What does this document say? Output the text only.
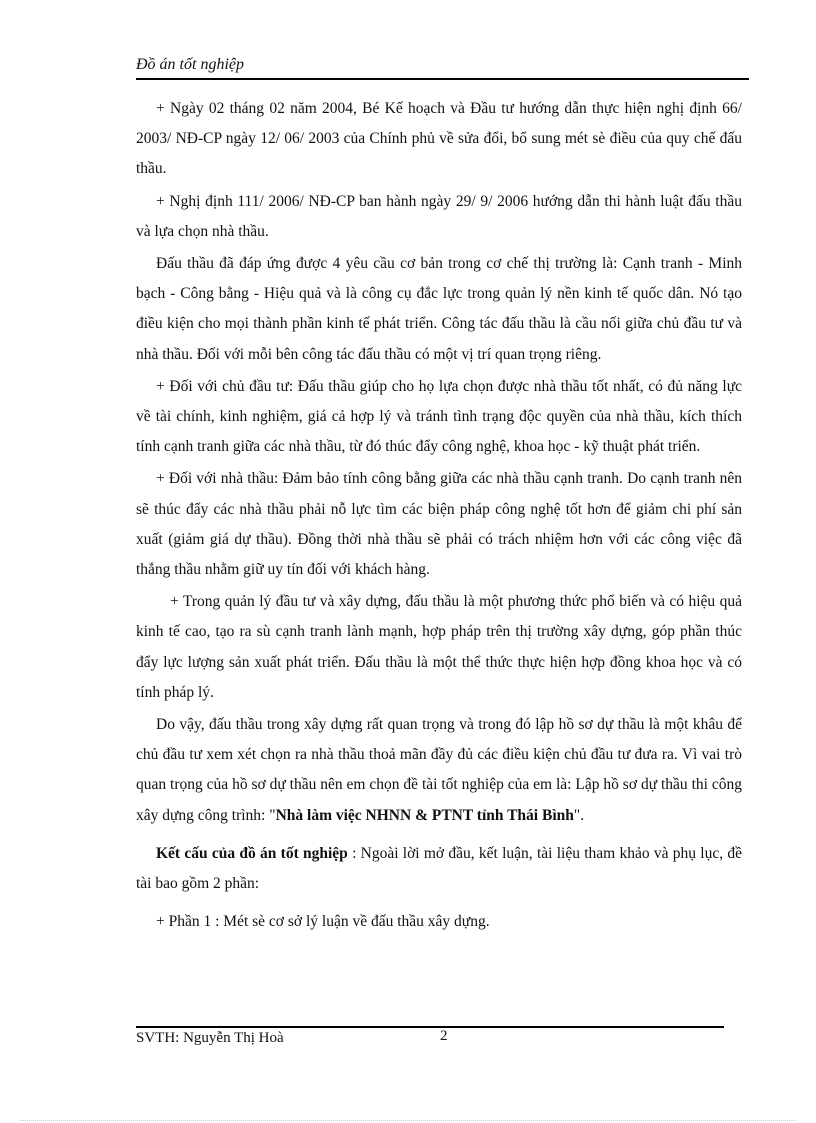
Đồ án tốt nghiệp

+ Ngày 02 tháng 02 năm 2004, Bé Kế hoạch và Đầu tư hướng dẫn thực hiện nghị định 66/ 2003/ NĐ-CP ngày 12/ 06/ 2003 của Chính phủ về sửa đổi, bổ sung mét sè điều của quy chế đấu thầu.

+ Nghị định 111/ 2006/ NĐ-CP ban hành ngày 29/ 9/ 2006 hướng dẫn thi hành luật đấu thầu và lựa chọn nhà thầu.

Đấu thầu đã đáp ứng được 4 yêu cầu cơ bản trong cơ chế thị trường là: Cạnh tranh - Minh bạch - Công bằng - Hiệu quả và là công cụ đắc lực trong quản lý nền kinh tế quốc dân. Nó tạo điều kiện cho mọi thành phần kinh tế phát triển. Công tác đấu thầu là cầu nối giữa chủ đầu tư và nhà thầu. Đối với mỗi bên công tác đấu thầu có một vị trí quan trọng riêng.

+ Đối với chủ đầu tư: Đấu thầu giúp cho họ lựa chọn được nhà thầu tốt nhất, có đủ năng lực về tài chính, kinh nghiệm, giá cả hợp lý và tránh tình trạng độc quyền của nhà thầu, kích thích tính cạnh tranh giữa các nhà thầu, từ đó thúc đẩy công nghệ, khoa học - kỹ thuật phát triển.

+ Đối với nhà thầu: Đảm bảo tính công bằng giữa các nhà thầu cạnh tranh. Do cạnh tranh nên sẽ thúc đẩy các nhà thầu phải nỗ lực tìm các biện pháp công nghệ tốt hơn để giảm chi phí sản xuất (giảm giá dự thầu). Đồng thời nhà thầu sẽ phải có trách nhiệm hơn với các công việc đã thắng thầu nhằm giữ uy tín đối với khách hàng.

+ Trong quản lý đầu tư và xây dựng, đấu thầu là một phương thức phổ biến và có hiệu quả kinh tế cao, tạo ra sù cạnh tranh lành mạnh, hợp pháp trên thị trường xây dựng, góp phần thúc đẩy lực lượng sản xuất phát triển. Đấu thầu là một thể thức thực hiện hợp đồng khoa học và có tính pháp lý.

Do vậy, đấu thầu trong xây dựng rất quan trọng và trong đó lập hồ sơ dự thầu là một khâu để chủ đầu tư xem xét chọn ra nhà thầu thoả mãn đầy đủ các điều kiện chủ đầu tư đưa ra. Vì vai trò quan trọng của hồ sơ dự thầu nên em chọn đề tài tốt nghiệp của em là: Lập hồ sơ dự thầu thi công xây dựng công trình: "Nhà làm việc NHNN & PTNT tỉnh Thái Bình".

Kết cấu của đồ án tốt nghiệp : Ngoài lời mở đầu, kết luận, tài liệu tham khảo và phụ lục, đề tài bao gồm 2 phần:

+ Phần 1 : Mét sè cơ sở lý luận về đấu thầu xây dựng.

SVTH: Nguyễn Thị Hoà	2
